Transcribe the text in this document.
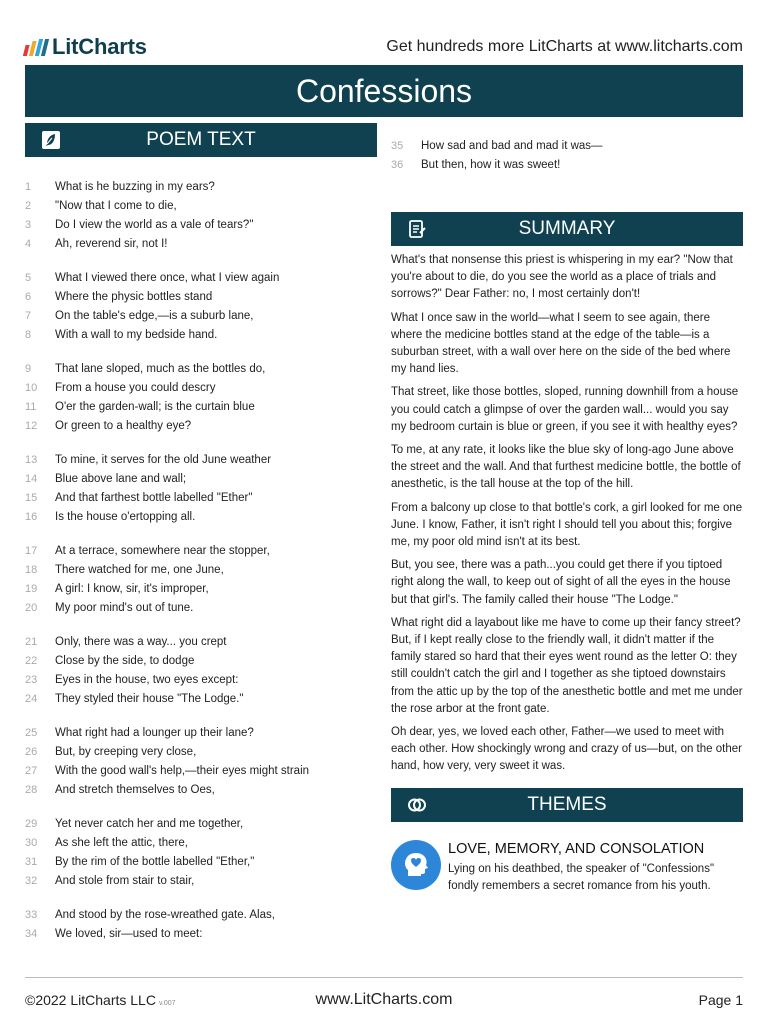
LitCharts	Get hundreds more LitCharts at www.litcharts.com
Confessions
POEM TEXT
1	What is he buzzing in my ears?
2	"Now that I come to die,
3	Do I view the world as a vale of tears?"
4	Ah, reverend sir, not I!
5	What I viewed there once, what I view again
6	Where the physic bottles stand
7	On the table's edge,—is a suburb lane,
8	With a wall to my bedside hand.
9	That lane sloped, much as the bottles do,
10	From a house you could descry
11	O'er the garden-wall; is the curtain blue
12	Or green to a healthy eye?
13	To mine, it serves for the old June weather
14	Blue above lane and wall;
15	And that farthest bottle labelled "Ether"
16	Is the house o'ertopping all.
17	At a terrace, somewhere near the stopper,
18	There watched for me, one June,
19	A girl: I know, sir, it's improper,
20	My poor mind's out of tune.
21	Only, there was a way... you crept
22	Close by the side, to dodge
23	Eyes in the house, two eyes except:
24	They styled their house "The Lodge."
25	What right had a lounger up their lane?
26	But, by creeping very close,
27	With the good wall's help,—their eyes might strain
28	And stretch themselves to Oes,
29	Yet never catch her and me together,
30	As she left the attic, there,
31	By the rim of the bottle labelled "Ether,"
32	And stole from stair to stair,
33	And stood by the rose-wreathed gate. Alas,
34	We loved, sir—used to meet:
35	How sad and bad and mad it was—
36	But then, how it was sweet!
SUMMARY

What's that nonsense this priest is whispering in my ear? "Now that you're about to die, do you see the world as a place of trials and sorrows?" Dear Father: no, I most certainly don't!

What I once saw in the world—what I seem to see again, there where the medicine bottles stand at the edge of the table—is a suburban street, with a wall over here on the side of the bed where my hand lies.

That street, like those bottles, sloped, running downhill from a house you could catch a glimpse of over the garden wall... would you say my bedroom curtain is blue or green, if you see it with healthy eyes?

To me, at any rate, it looks like the blue sky of long-ago June above the street and the wall. And that furthest medicine bottle, the bottle of anesthetic, is the tall house at the top of the hill.

From a balcony up close to that bottle's cork, a girl looked for me one June. I know, Father, it isn't right I should tell you about this; forgive me, my poor old mind isn't at its best.

But, you see, there was a path...you could get there if you tiptoed right along the wall, to keep out of sight of all the eyes in the house but that girl's. The family called their house "The Lodge."

What right did a layabout like me have to come up their fancy street? But, if I kept really close to the friendly wall, it didn't matter if the family stared so hard that their eyes went round as the letter O: they still couldn't catch the girl and I together as she tiptoed downstairs from the attic up by the top of the anesthetic bottle and met me under the rose arbor at the front gate.

Oh dear, yes, we loved each other, Father—we used to meet with each other. How shockingly wrong and crazy of us—but, on the other hand, how very, very sweet it was.

THEMES
LOVE, MEMORY, AND CONSOLATION
Lying on his deathbed, the speaker of "Confessions" fondly remembers a secret romance from his youth.
©2022 LitCharts LLC v.007	www.LitCharts.com	Page 1
